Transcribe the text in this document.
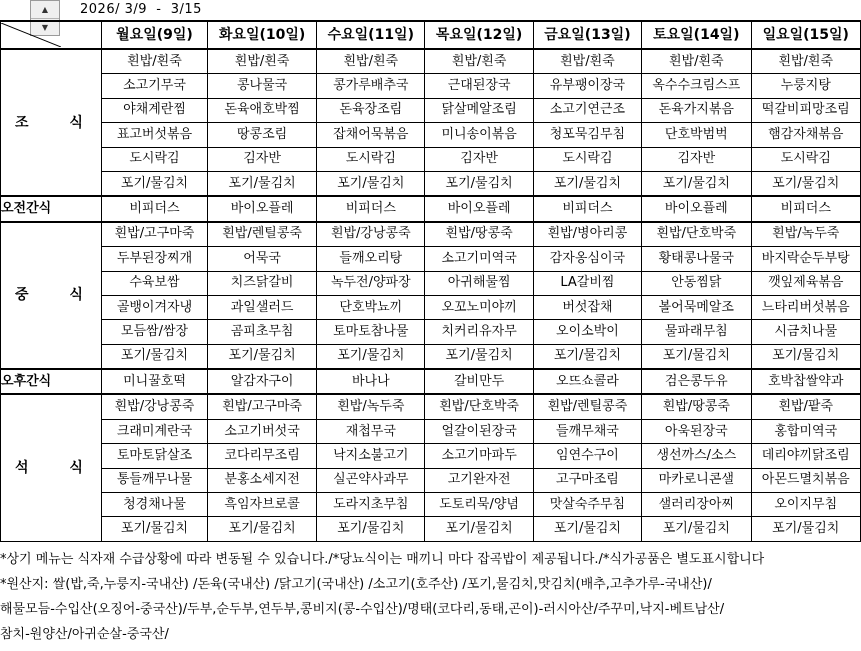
▲
▼
2026/ 3/9  -  3/15
	월요일(9일)	화요일(10일)	수요일(11일)	목요일(12일)	금요일(13일)	토요일(14일)	일요일(15일)
조 식	흰밥/흰죽	흰밥/흰죽	흰밥/흰죽	흰밥/흰죽	흰밥/흰죽	흰밥/흰죽	흰밥/흰죽
	소고기무국	콩나물국	콩가루배추국	근대된장국	유부팽이장국	옥수수크림스프	누룽지탕
	야채계란찜	돈육애호박찜	돈육장조림	닭살메알조림	소고기연근조	돈육가지볶음	떡갈비피망조림
	표고버섯볶음	땅콩조림	잡채어묵볶음	미니송이볶음	청포묵김무침	단호박범벅	햄감자채볶음
	도시락김	김자반	도시락김	김자반	도시락김	김자반	도시락김
	포기/물김치	포기/물김치	포기/물김치	포기/물김치	포기/물김치	포기/물김치	포기/물김치
오전간식	비피더스	바이오플레	비피더스	바이오플레	비피더스	바이오플레	비피더스
중 식	흰밥/고구마죽	흰밥/렌틸콩죽	흰밥/강낭콩죽	흰밥/땅콩죽	흰밥/병아리콩	흰밥/단호박죽	흰밥/녹두죽
	두부된장찌개	어묵국	들깨오리탕	소고기미역국	감자옹심이국	황태콩나물국	바지락순두부탕
	수육보쌈	치즈닭갈비	녹두전/양파장	아귀해물찜	LA갈비찜	안동찜닭	깻잎제육볶음
	골뱅이겨자냉	과일샐러드	단호박뇨끼	오꼬노미야끼	버섯잡채	볼어묵메알조	느타리버섯볶음
	모듬쌈/쌈장	곰피초무침	토마토참나물	치커리유자무	오이소박이	물파래무침	시금치나물
	포기/물김치	포기/물김치	포기/물김치	포기/물김치	포기/물김치	포기/물김치	포기/물김치
오후간식	미니꿀호떡	알감자구이	바나나	갈비만두	오뜨쇼콜라	검은콩두유	호박찹쌀약과
석 식	흰밥/강낭콩죽	흰밥/고구마죽	흰밥/녹두죽	흰밥/단호박죽	흰밥/렌틸콩죽	흰밥/땅콩죽	흰밥/팥죽
	크래미계란국	소고기버섯국	재첩무국	얼갈이된장국	들깨무채국	아욱된장국	홍합미역국
	토마토닭살조	코다리무조림	낙지소불고기	소고기마파두	임연수구이	생선까스/소스	데리야끼닭조림
	통들깨무나물	분홍소세지전	실곤약사과무	고기완자전	고구마조림	마카로니콘샐	아몬드멸치볶음
	청경채나물	흑임자브로콜	도라지초무침	도토리묵/양념	맛살숙주무침	샐러리장아찌	오이지무침
	포기/물김치	포기/물김치	포기/물김치	포기/물김치	포기/물김치	포기/물김치	포기/물김치
*상기 메뉴는 식자재 수급상황에 따라 변동될 수 있습니다./*당뇨식이는 매끼니 마다 잡곡밥이 제공됩니다./*식가공품은 별도표시합니다
*원산지: 쌀(밥,죽,누룽지-국내산) /돈육(국내산) /닭고기(국내산) /소고기(호주산) /포기,물김치,맛김치(배추,고추가루-국내산)/
해물모듬-수입산(오징어-중국산)/두부,순두부,연두부,콩비지(콩-수입산)/명태(코다리,동태,곤이)-러시아산/주꾸미,낙지-베트남산/
참치-원양산/아귀순살-중국산/
